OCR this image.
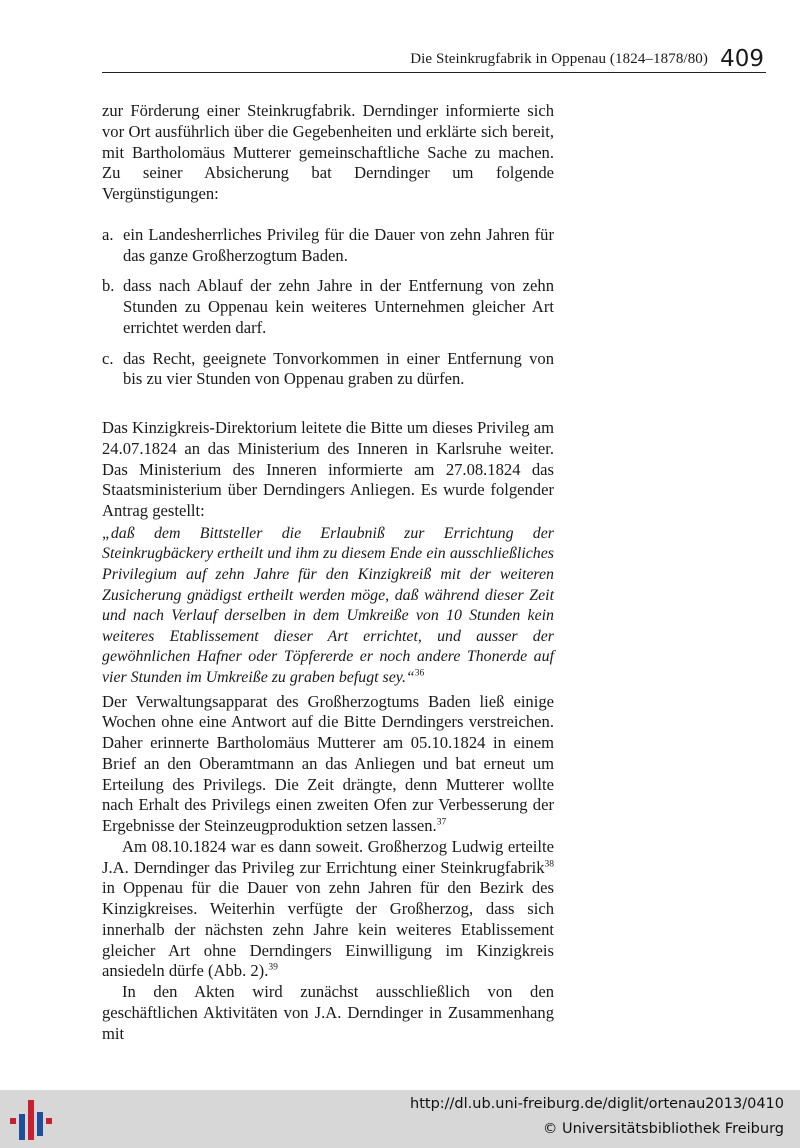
Die Steinkrugfabrik in Oppenau (1824–1878/80) 409

zur Förderung einer Steinkrugfabrik. Derndinger informierte sich vor Ort ausführlich über die Gegebenheiten und erklärte sich bereit, mit Bartholomäus Mutterer gemeinschaftliche Sache zu machen. Zu seiner Absicherung bat Derndinger um folgende Vergünstigungen:

a. ein Landesherrliches Privileg für die Dauer von zehn Jahren für das ganze Großherzogtum Baden.
b. dass nach Ablauf der zehn Jahre in der Entfernung von zehn Stunden zu Oppenau kein weiteres Unternehmen gleicher Art errichtet werden darf.
c. das Recht, geeignete Tonvorkommen in einer Entfernung von bis zu vier Stunden von Oppenau graben zu dürfen.

Das Kinzigkreis-Direktorium leitete die Bitte um dieses Privileg am 24.07.1824 an das Ministerium des Inneren in Karlsruhe weiter. Das Ministerium des Inneren informierte am 27.08.1824 das Staatsministerium über Derndingers Anliegen. Es wurde folgender Antrag gestellt:

„daß dem Bittsteller die Erlaubniß zur Errichtung der Steinkrugbäckery ertheilt und ihm zu diesem Ende ein ausschließliches Privilegium auf zehn Jahre für den Kinzigkreiß mit der weiteren Zusicherung gnädigst ertheilt werden möge, daß während dieser Zeit und nach Verlauf derselben in dem Umkreiße von 10 Stunden kein weiteres Etablissement dieser Art errichtet, und ausser der gewöhnlichen Hafner oder Töpfererde er noch andere Thonerde auf vier Stunden im Umkreiße zu graben befugt sey.“$^{36}$

Der Verwaltungsapparat des Großherzogtums Baden ließ einige Wochen ohne eine Antwort auf die Bitte Derndingers verstreichen. Daher erinnerte Bartholomäus Mutterer am 05.10.1824 in einem Brief an den Oberamtmann an das Anliegen und bat erneut um Erteilung des Privilegs. Die Zeit drängte, denn Mutterer wollte nach Erhalt des Privilegs einen zweiten Ofen zur Verbesserung der Ergebnisse der Steinzeugproduktion setzen lassen.$^{37}$

Am 08.10.1824 war es dann soweit. Großherzog Ludwig erteilte J.A. Derndinger das Privileg zur Errichtung einer Steinkrugfabrik$^{38}$ in Oppenau für die Dauer von zehn Jahren für den Bezirk des Kinzigkreises. Weiterhin verfügte der Großherzog, dass sich innerhalb der nächsten zehn Jahre kein weiteres Etablissement gleicher Art ohne Derndingers Einwilligung im Kinzigkreis ansiedeln dürfe (Abb. 2).$^{39}$

In den Akten wird zunächst ausschließlich von den geschäftlichen Aktivitäten von J.A. Derndinger in Zusammenhang mit

http://dl.ub.uni-freiburg.de/diglit/ortenau2013/0410
© Universitätsbibliothek Freiburg
